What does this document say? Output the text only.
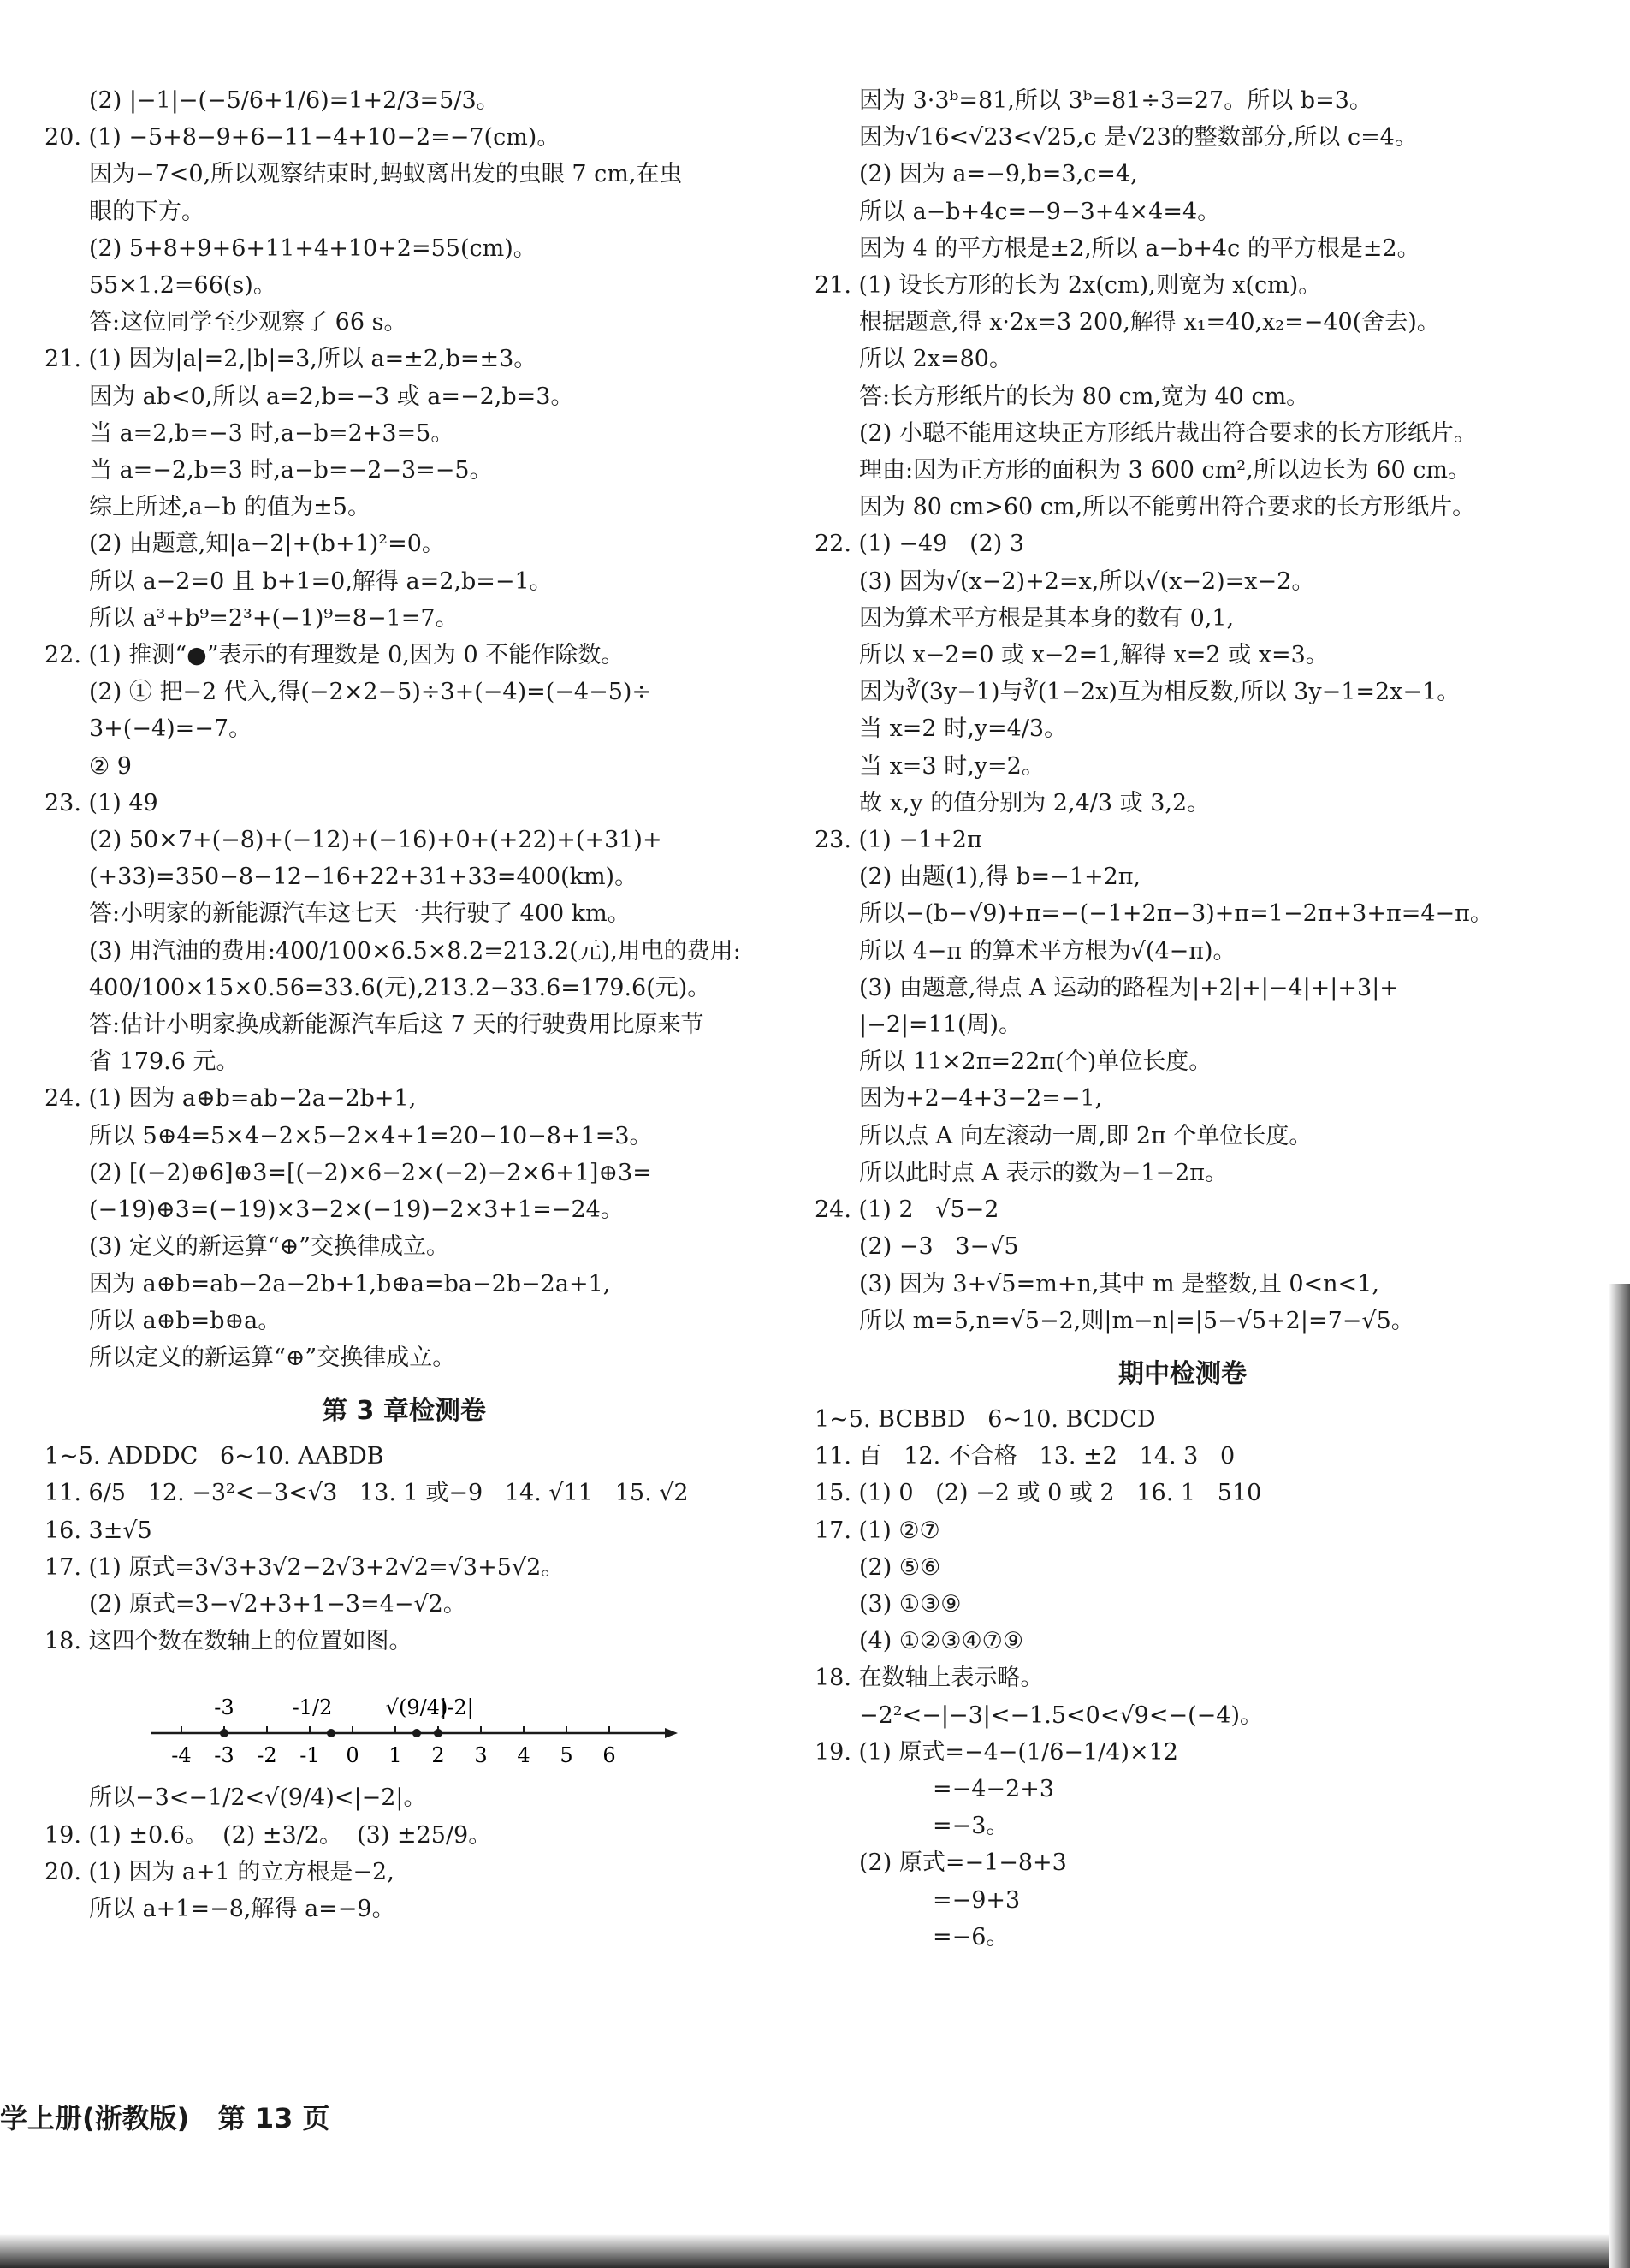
(2) |−1|−(−5/6+1/6)=1+2/3=5/3。
20. (1) −5+8−9+6−11−4+10−2=−7(cm)。
因为−7<0,所以观察结束时,蚂蚁离出发的虫眼 7 cm,在虫
眼的下方。
(2) 5+8+9+6+11+4+10+2=55(cm)。
55×1.2=66(s)。
答:这位同学至少观察了 66 s。
21. (1) 因为|a|=2,|b|=3,所以 a=±2,b=±3。
因为 ab<0,所以 a=2,b=−3 或 a=−2,b=3。
当 a=2,b=−3 时,a−b=2+3=5。
当 a=−2,b=3 时,a−b=−2−3=−5。
综上所述,a−b 的值为±5。
(2) 由题意,知|a−2|+(b+1)²=0。
所以 a−2=0 且 b+1=0,解得 a=2,b=−1。
所以 a³+b⁹=2³+(−1)⁹=8−1=7。
22. (1) 推测“●”表示的有理数是 0,因为 0 不能作除数。
(2) ① 把−2 代入,得(−2×2−5)÷3+(−4)=(−4−5)÷
3+(−4)=−7。
② 9
23. (1) 49
(2) 50×7+(−8)+(−12)+(−16)+0+(+22)+(+31)+
(+33)=350−8−12−16+22+31+33=400(km)。
答:小明家的新能源汽车这七天一共行驶了 400 km。
(3) 用汽油的费用:400/100×6.5×8.2=213.2(元),用电的费用:
400/100×15×0.56=33.6(元),213.2−33.6=179.6(元)。
答:估计小明家换成新能源汽车后这 7 天的行驶费用比原来节
省 179.6 元。
24. (1) 因为 a⊕b=ab−2a−2b+1,
所以 5⊕4=5×4−2×5−2×4+1=20−10−8+1=3。
(2) [(−2)⊕6]⊕3=[(−2)×6−2×(−2)−2×6+1]⊕3=
(−19)⊕3=(−19)×3−2×(−19)−2×3+1=−24。
(3) 定义的新运算“⊕”交换律成立。
因为 a⊕b=ab−2a−2b+1,b⊕a=ba−2b−2a+1,
所以 a⊕b=b⊕a。
所以定义的新运算“⊕”交换律成立。
第 3 章检测卷
1~5. ADDDC   6~10. AABDB
11. 6/5   12. −3²<−3<√3   13. 1 或−9   14. √11   15. √2
16. 3±√5
17. (1) 原式=3√3+3√2−2√3+2√2=√3+5√2。
(2) 原式=3−√2+3+1−3=4−√2。
18. 这四个数在数轴上的位置如图。
-4 -3 -2 -1 0 1 2 3 4 5 6
-3	-1/2	√(9/4)
|-2|
所以−3<−1/2<√(9/4)<|−2|。
19. (1) ±0.6。  (2) ±3/2。  (3) ±25/9。
20. (1) 因为 a+1 的立方根是−2,
所以 a+1=−8,解得 a=−9。
因为 3·3ᵇ=81,所以 3ᵇ=81÷3=27。所以 b=3。
因为√16<√23<√25,c 是√23的整数部分,所以 c=4。
(2) 因为 a=−9,b=3,c=4,
所以 a−b+4c=−9−3+4×4=4。
因为 4 的平方根是±2,所以 a−b+4c 的平方根是±2。
21. (1) 设长方形的长为 2x(cm),则宽为 x(cm)。
根据题意,得 x·2x=3 200,解得 x₁=40,x₂=−40(舍去)。
所以 2x=80。
答:长方形纸片的长为 80 cm,宽为 40 cm。
(2) 小聪不能用这块正方形纸片裁出符合要求的长方形纸片。
理由:因为正方形的面积为 3 600 cm²,所以边长为 60 cm。
因为 80 cm>60 cm,所以不能剪出符合要求的长方形纸片。
22. (1) −49   (2) 3
(3) 因为√(x−2)+2=x,所以√(x−2)=x−2。
因为算术平方根是其本身的数有 0,1,
所以 x−2=0 或 x−2=1,解得 x=2 或 x=3。
因为∛(3y−1)与∛(1−2x)互为相反数,所以 3y−1=2x−1。
当 x=2 时,y=4/3。
当 x=3 时,y=2。
故 x,y 的值分别为 2,4/3 或 3,2。
23. (1) −1+2π
(2) 由题(1),得 b=−1+2π,
所以−(b−√9)+π=−(−1+2π−3)+π=1−2π+3+π=4−π。
所以 4−π 的算术平方根为√(4−π)。
(3) 由题意,得点 A 运动的路程为|+2|+|−4|+|+3|+
|−2|=11(周)。
所以 11×2π=22π(个)单位长度。
因为+2−4+3−2=−1,
所以点 A 向左滚动一周,即 2π 个单位长度。
所以此时点 A 表示的数为−1−2π。
24. (1) 2   √5−2
(2) −3   3−√5
(3) 因为 3+√5=m+n,其中 m 是整数,且 0<n<1,
所以 m=5,n=√5−2,则|m−n|=|5−√5+2|=7−√5。
期中检测卷
1~5. BCBBD   6~10. BCDCD
11. 百   12. 不合格   13. ±2   14. 3   0
15. (1) 0   (2) −2 或 0 或 2   16. 1   510
17. (1) ②⑦
(2) ⑤⑥
(3) ①③⑨
(4) ①②③④⑦⑨
18. 在数轴上表示略。
−2²<−|−3|<−1.5<0<√9<−(−4)。
19. (1) 原式=−4−(1/6−1/4)×12
=−4−2+3
=−3。
(2) 原式=−1−8+3
=−9+3
=−6。
学上册(浙教版)   第 13 页
